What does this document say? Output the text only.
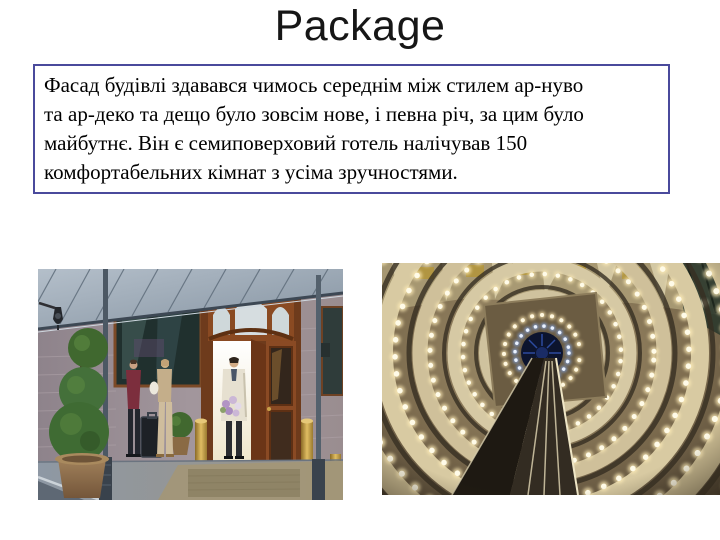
Package
Фасад будівлі здавався чимось середнім між стилем ар-нуво
та ар-деко та дещо було зовсім нове, і певна річ, за цим було
майбутнє. Він є семиповерховий готель налічував 150
комфортабельних кімнат з усіма зручностями.
